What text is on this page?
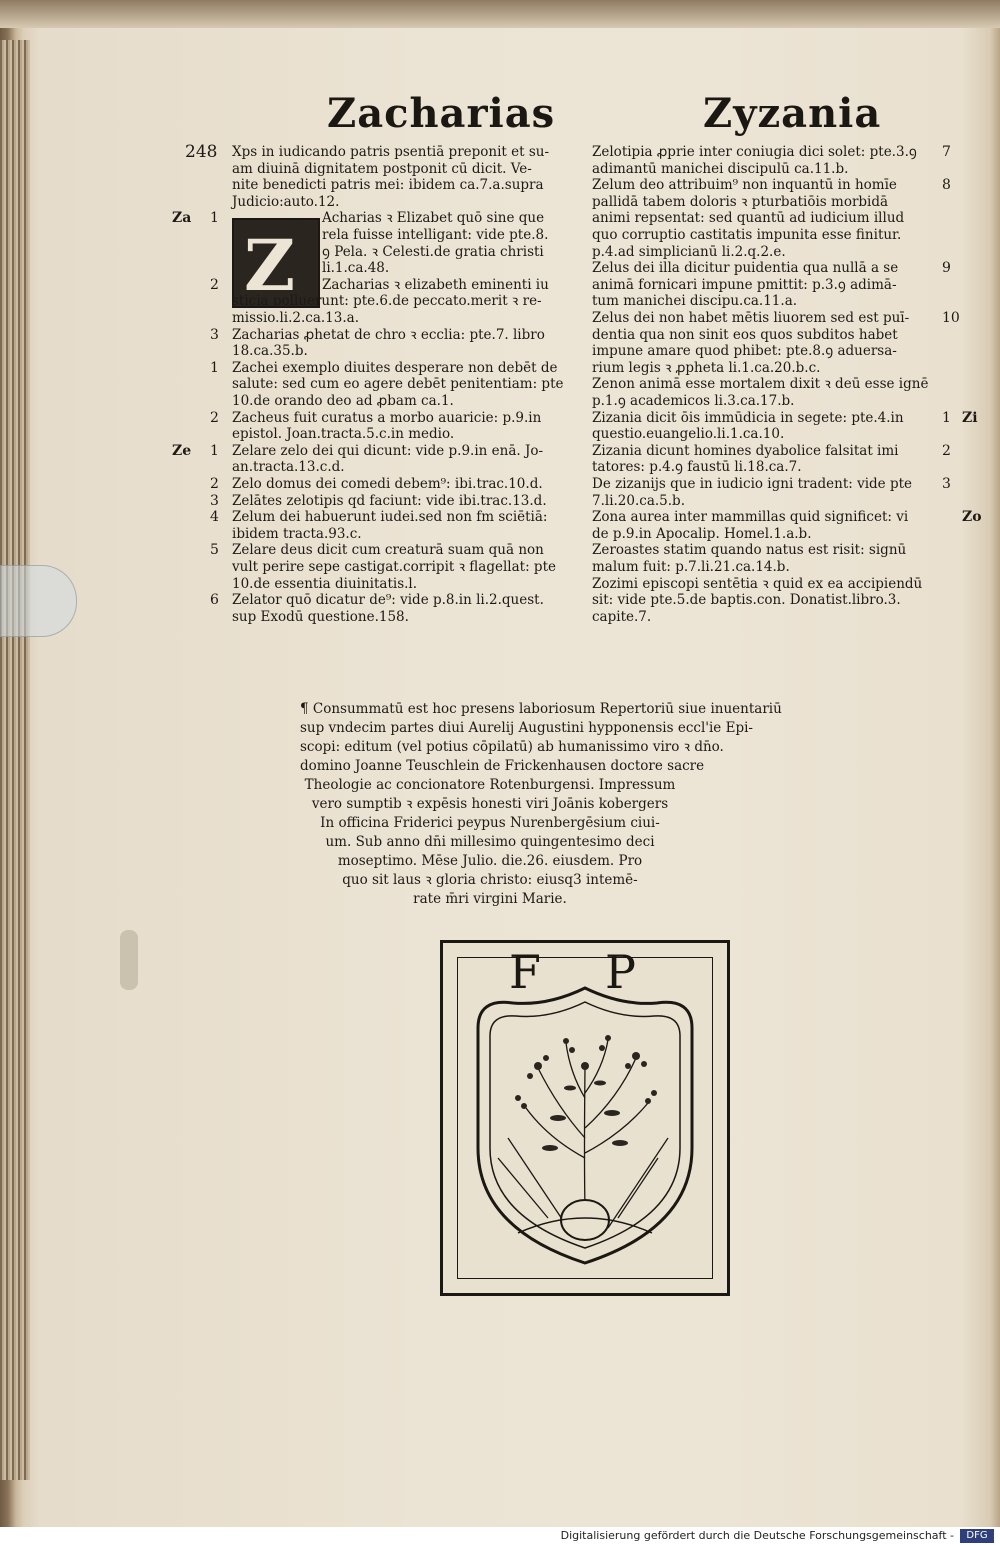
Zacharias	Zyzania
248
Z
¶ Consummatū est hoc presens laboriosum Repertoriū siue inuentariū
sup vndecim partes diui Aurelij Augustini hypponensis eccl'ie Epi-
scopi: editum (vel potius cōpilatū) ab humanissimo viro ꝛ dn̄o.
domino Joanne Teuschlein de Frickenhausen doctore sacre
Theologie ac concionatore Rotenburgensi. Impressum
vero sumptib ꝛ expēsis honesti viri Joānis kobergers
In officina Friderici peypus Nurenbergēsium ciui-
um. Sub anno dn̄i millesimo quingentesimo deci
moseptimo. Mēse Julio. die.26. eiusdem. Pro
quo sit laus ꝛ gloria christo: eiusq3 intemē-
rate m̄ri virgini Marie.
F P
Digitalisierung gefördert durch die Deutsche Forschungsgemeinschaft -	DFG
Xps in iudicando patris psentiā preponit et su-
am diuinā dignitatem postponit cū dicit. Ve-
nite benedicti patris mei: ibidem ca.7.a.supra
Judicio:auto.12.
Acharias ꝛ Elizabet quō sine que
rela fuisse intelligant: vide pte.8.
ꝯ Pela. ꝛ Celesti.de gratia christi
li.1.ca.48.
1
Za
Zacharias ꝛ elizabeth eminenti iu
sticia polluerunt: pte.6.de peccato.merit ꝛ re-
missio.li.2.ca.13.a.
2
Zacharias ꝓhetat de chro ꝛ ecclia: pte.7. libro
18.ca.35.b.
3
Zachei exemplo diuites desperare non debēt de
salute: sed cum eo agere debēt penitentiam: pte
10.de orando deo ad ꝓbam ca.1.
1
Zacheus fuit curatus a morbo auaricie: p.9.in
epistol. Joan.tracta.5.c.in medio.
2
Zelare zelo dei qui dicunt: vide p.9.in enā. Jo-
an.tracta.13.c.d.
1
Ze
Zelo domus dei comedi debem⁹: ibi.trac.10.d.
2
Zelātes zelotipis qd faciunt: vide ibi.trac.13.d.
3
Zelum dei habuerunt iudei.sed non fm sciētiā:
ibidem tracta.93.c.
4
Zelare deus dicit cum creaturā suam quā non
vult perire sepe castigat.corripit ꝛ flagellat: pte
10.de essentia diuinitatis.l.
5
Zelator quō dicatur de⁹: vide p.8.in li.2.quest.
sup Exodū questione.158.
6
Zelotipia ꝓprie inter coniugia dici solet: pte.3.ꝯ
adimantū manichei discipulū ca.11.b.
7
Zelum deo attribuim⁹ non inquantū in homīe
pallidā tabem doloris ꝛ pturbatiōis morbidā
animi repsentat: sed quantū ad iudicium illud
quo corruptio castitatis impunita esse finitur.
p.4.ad simplicianū li.2.q.2.e.
8
Zelus dei illa dicitur puidentia qua nullā a se
animā fornicari impune pmittit: p.3.ꝯ adimā-
tum manichei discipu.ca.11.a.
9
Zelus dei non habet mētis liuorem sed est puī-
dentia qua non sinit eos quos subditos habet
impune amare quod phibet: pte.8.ꝯ aduersa-
rium legis ꝛ ꝓpheta li.1.ca.20.b.c.
10
Zenon animā esse mortalem dixit ꝛ deū esse ignē
p.1.ꝯ academicos li.3.ca.17.b.
Zizania dicit ōis immūdicia in segete: pte.4.in
questio.euangelio.li.1.ca.10.
1 Zi
Zizania dicunt homines dyabolice falsitat imi
tatores: p.4.ꝯ faustū li.18.ca.7.
2
De zizanijs que in iudicio igni tradent: vide pte
7.li.20.ca.5.b.
3
Zona aurea inter mammillas quid significet: vi
de p.9.in Apocalip. Homel.1.a.b.
Zo
Zeroastes statim quando natus est risit: signū
malum fuit: p.7.li.21.ca.14.b.
Zozimi episcopi sentētia ꝛ quid ex ea accipiendū
sit: vide pte.5.de baptis.con. Donatist.libro.3.
capite.7.
